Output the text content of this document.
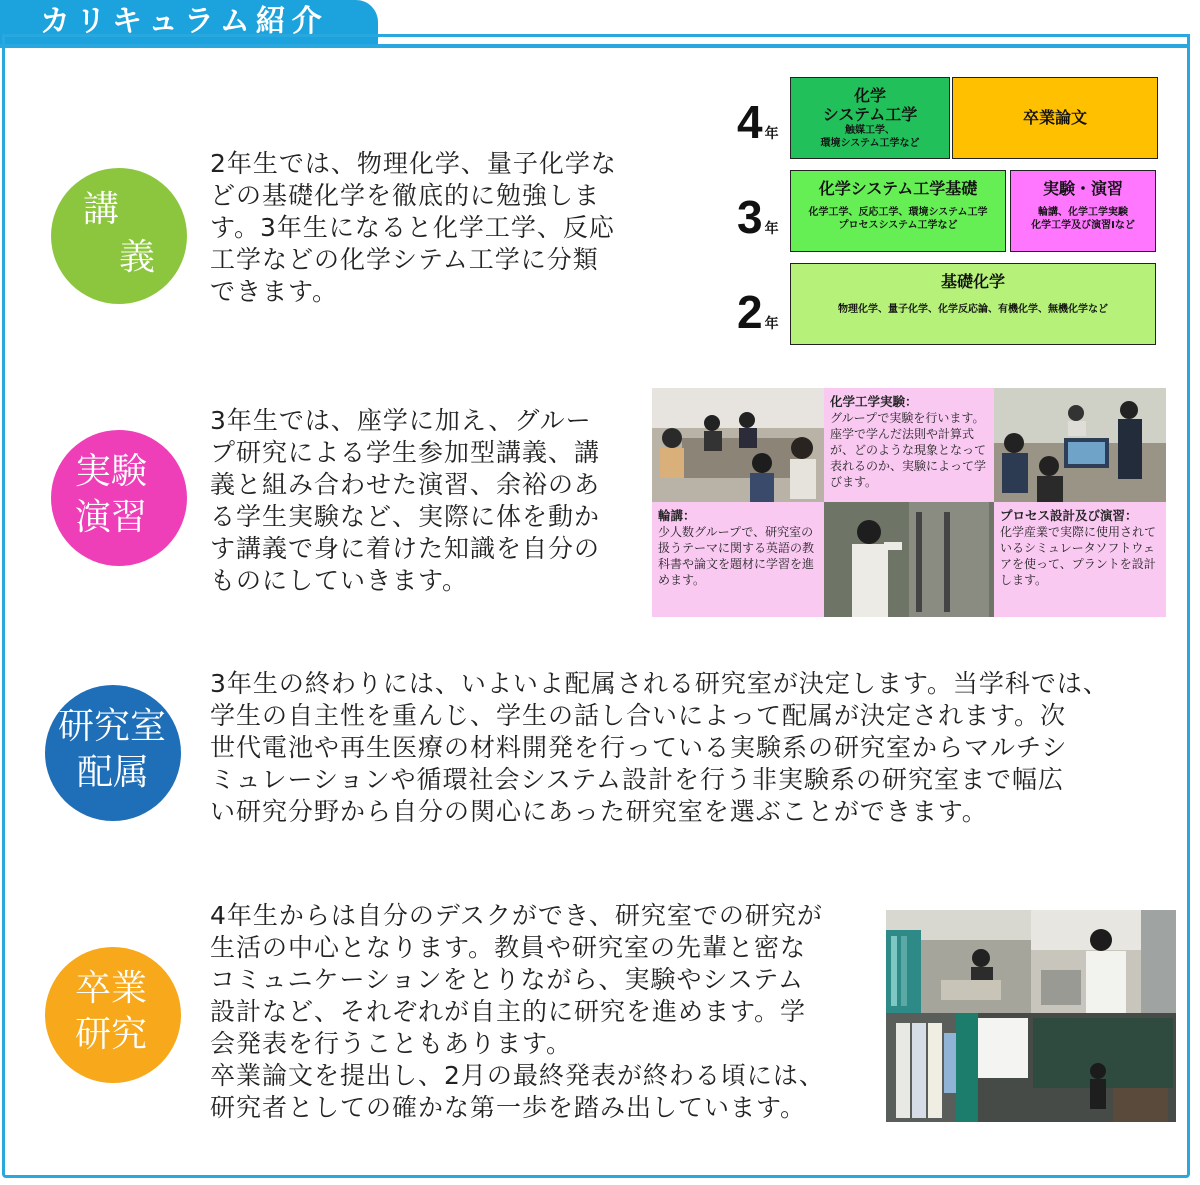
カリキュラム紹介
講
義
実験
演習
研究室
配属
卒業
研究
2年生では、物理化学、量子化学な
どの基礎化学を徹底的に勉強しま
す。3年生になると化学工学、反応
工学などの化学シテム工学に分類
できます。
3年生では、座学に加え、グルー
プ研究による学生参加型講義、講
義と組み合わせた演習、余裕のあ
る学生実験など、実際に体を動か
す講義で身に着けた知識を自分の
ものにしていきます。
3年生の終わりには、いよいよ配属される研究室が決定します。当学科では、
学生の自主性を重んじ、学生の話し合いによって配属が決定されます。次
世代電池や再生医療の材料開発を行っている実験系の研究室からマルチシ
ミュレーションや循環社会システム設計を行う非実験系の研究室まで幅広
い研究分野から自分の関心にあった研究室を選ぶことができます。
4年生からは自分のデスクができ、研究室での研究が
生活の中心となります。教員や研究室の先輩と密な
コミュニケーションをとりながら、実験やシステム
設計など、それぞれが自主的に研究を進めます。学
会発表を行うこともあります。
卒業論文を提出し、2月の最終発表が終わる頃には、
研究者としての確かな第一歩を踏み出しています。
4 年
3 年
2 年
化学
システム工学
触媒工学、
環境システム工学など
卒業論文
化学システム工学基礎
化学工学、反応工学、環境システム工学
プロセスシステム工学など
実験・演習
輪講、化学工学実験
化学工学及び演習Ⅰなど
基礎化学
物理化学、量子化学、化学反応論、有機化学、無機化学など
化学工学実験：
グループで実験を行います。座学で学んだ法則や計算式が、どのような現象となって表れるのか、実験によって学びます。
輪講：
少人数グループで、研究室の扱うテーマに関する英語の教科書や論文を題材に学習を進めます。
プロセス設計及び演習：
化学産業で実際に使用されているシミュレータソフトウェアを使って、プラントを設計します。
